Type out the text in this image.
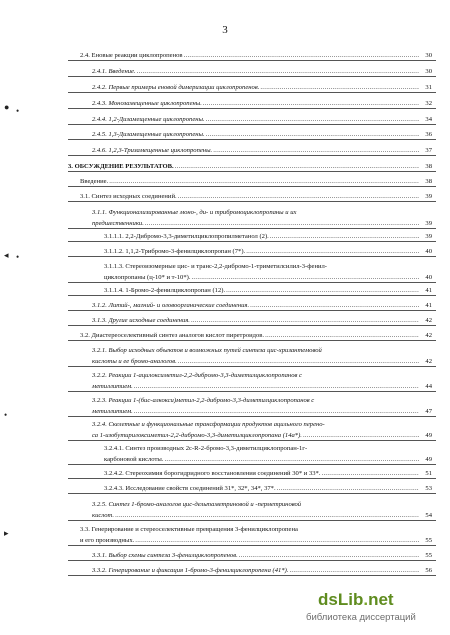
3
● •
◂ •
•
▸
2.4. Еновые реакции циклопропенов .....	30
2.4.1. Введение. .....	30
2.4.2. Первые примеры еновой димеризации циклопропенов. .....	31
2.4.3. Монозамещенные циклопропены. .....	32
2.4.4. 1,2-Дизамещенные циклопропены. .....	34
2.4.5. 1,3-Дизамещенные циклопропены. .....	36
2.4.6. 1,2,3-Тризамещенные циклопропены. .....	37
3. ОБСУЖДЕНИЕ РЕЗУЛЬТАТОВ. .....	38
Введение. .....	38
3.1. Синтез исходных соединений. .....	39
3.1.1. Функционализированные моно-, ди- и трибромоциклопропаны и их
предшественники. .....	39
3.1.1.1. 2,2-Дибромо-3,3-диметилциклопропилметанол (2). .....	39
3.1.1.2. 1,1,2-Трибромо-3-фенилциклопропан (7*). .....	40
3.1.1.3. Стереоизомерные цис- и транс-2,2-дибромо-1-триметилсилил-3-фенил-
циклопропаны (ц-10* и т-10*). .....	40
3.1.1.4. 1-Бромо-2-фенилциклопропан (12). .....	41
3.1.2. Литий-, магний- и оловоорганические соединения. .....	41
3.1.3. Другие исходные соединения. .....	42
3.2. Диастереоселективный синтез аналогов кислот пиретроидов. .....	42
3.2.1. Выбор исходных объектов и возможных путей синтеза цис-хризантемовой
кислоты и ее бромо-аналогов. .....	42
3.2.2. Реакции 1-ацилоксиметил-2,2-дибромо-3,3-диметилциклопропанов с
метиллитием. .....	44
3.2.3. Реакции 1-(бис-алкокси)метил-2,2-дибромо-3,3-диметилциклопропанов с
метиллитием. .....	47
3.2.4. Скелетные и функциональные трансформации продуктов ацильного перено-
са 1-изобутирилоксиметил-2,2-дибромо-3,3-диметилциклопропана (14а*). .....	49
3.2.4.1. Синтез производных 2с-R-2-бромо-3,3-диметилциклопропан-1г-
карбоновой кислоты. .....	49
3.2.4.2. Стереохимия борогидридного восстановления соединений 30* и 33*. .....	51
3.2.4.3. Исследование свойств соединений 31*, 32*, 34*, 37*. .....	53
3.2.5. Синтез 1-бромо-аналогов цис-дельтаметриновой и -перметриновой
кислот. .....	54
3.3. Генерирование и стереоселективные превращения 3-фенилциклопропена
и его производных. .....	55
3.3.1. Выбор схемы синтеза 3-фенилциклопропенов. .....	55
3.3.2. Генерирование и фиксация 1-бромо-3-фенилциклопропена (41*). .....	56
dsLib.net
библиотека диссертаций
